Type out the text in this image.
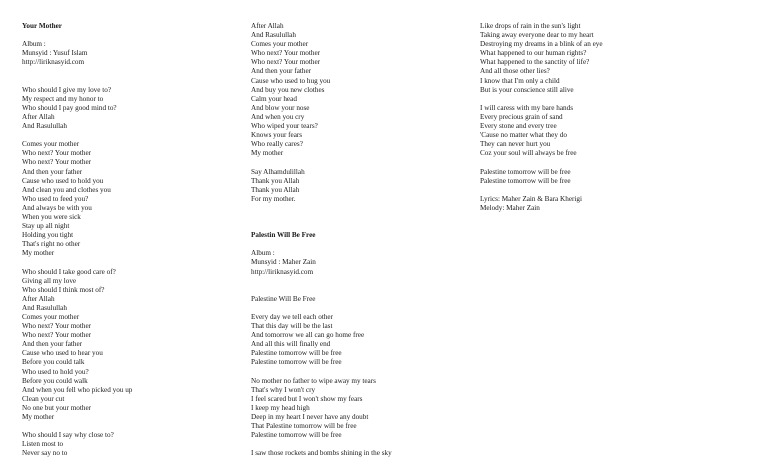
Your Mother
Album :
Munsyid : Yusuf Islam
http://liriknasyid.com
Who should I give my love to?
My respect and my honor to
Who should I pay good mind to?
After Allah
And Rasulullah
Comes your mother
Who next? Your mother
Who next? Your mother
And then your father
Cause who used to hold you
And clean you and clothes you
Who used to feed you?
And always be with you
When you were sick
Stay up all night
Holding you tight
That's right no other
My mother
Who should I take good care of?
Giving all my love
Who should I think most of?
After Allah
And Rasulullah
Comes your mother
Who next? Your mother
Who next? Your mother
And then your father
Cause who used to hear you
Before you could talk
Who used to hold you?
Before you could walk
And when you fell who picked you up
Clean your cut
No one but your mother
My mother
Who should I say why close to?
Listen most to
Never say no to
After Allah
And Rasulullah
Comes your mother
Who next? Your mother
Who next? Your mother
And then your father
Cause who used to hug you
And buy you new clothes
Calm your head
And blow your nose
And when you cry
Who wiped your tears?
Knows your fears
Who really cares?
My mother
Say Alhamdulillah
Thank you Allah
Thank you Allah
For my mother.
Palestin Will Be Free
Album :
Munsyid : Maher Zain
http://liriknasyid.com
Palestine Will Be Free
Every day we tell each other
That this day will be the last
And tomorrow we all can go home free
And all this will finally end
Palestine tomorrow will be free
Palestine tomorrow will be free
No mother no father to wipe away my tears
That's why I won't cry
I feel scared but I won't show my fears
I keep my head high
Deep in my heart I never have any doubt
That Palestine tomorrow will be free
Palestine tomorrow will be free
I saw those rockets and bombs shining in the sky
Like drops of rain in the sun's light
Taking away everyone dear to my heart
Destroying my dreams in a blink of an eye
What happened to our human rights?
What happened to the sanctity of life?
And all those other lies?
I know that I'm only a child
But is your conscience still alive
I will caress with my bare hands
Every precious grain of sand
Every stone and every tree
'Cause no matter what they do
They can never hurt you
Coz your soul will always be free
Palestine tomorrow will be free
Palestine tomorrow will be free
Lyrics: Maher Zain & Bara Kherigi
Melody: Maher Zain
